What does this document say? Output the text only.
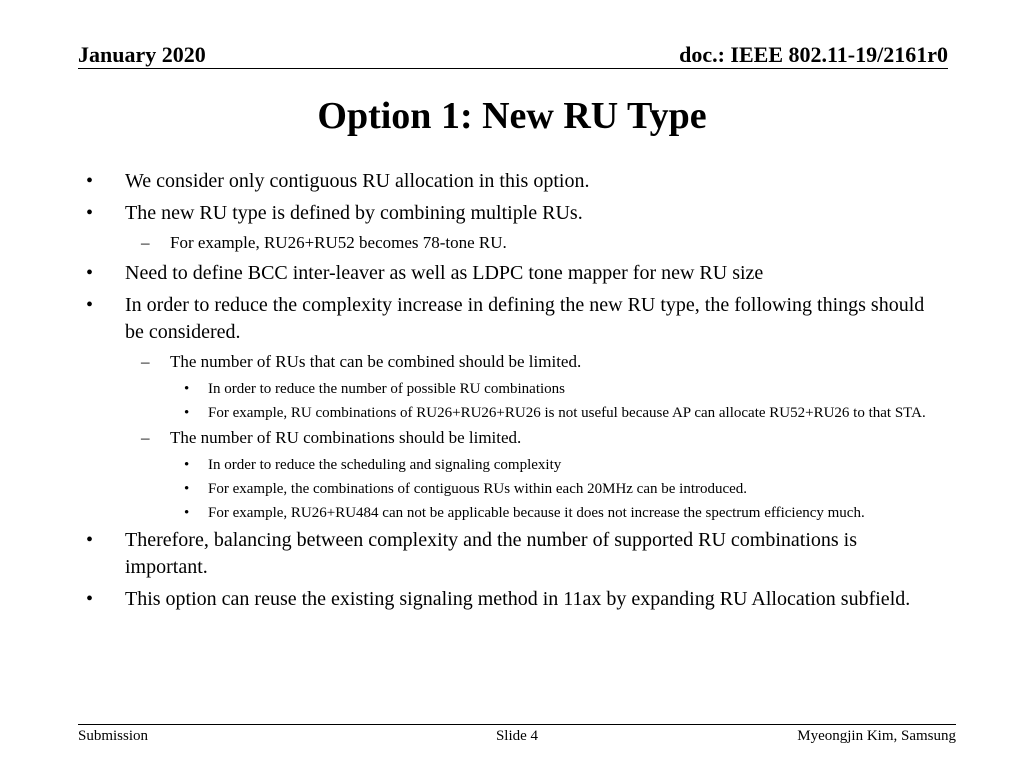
January 2020	doc.: IEEE 802.11-19/2161r0
Option 1: New RU Type
• We consider only contiguous RU allocation in this option.
• The new RU type is defined by combining multiple RUs.
– For example, RU26+RU52 becomes 78-tone RU.
• Need to define BCC inter-leaver as well as LDPC tone mapper for new RU size
• In order to reduce the complexity increase in defining the new RU type, the following things should be considered.
– The number of RUs that can be combined should be limited.
• In order to reduce the number of possible RU combinations
• For example, RU combinations of RU26+RU26+RU26 is not useful because AP can allocate RU52+RU26 to that STA.
– The number of RU combinations should be limited.
• In order to reduce the scheduling and signaling complexity
• For example, the combinations of contiguous RUs within each 20MHz can be introduced.
• For example, RU26+RU484 can not be applicable because it does not increase the spectrum efficiency much.
• Therefore, balancing between complexity and the number of supported RU combinations is important.
• This option can reuse the existing signaling method in 11ax by expanding RU Allocation subfield.
Submission	Slide 4	Myeongjin Kim, Samsung
